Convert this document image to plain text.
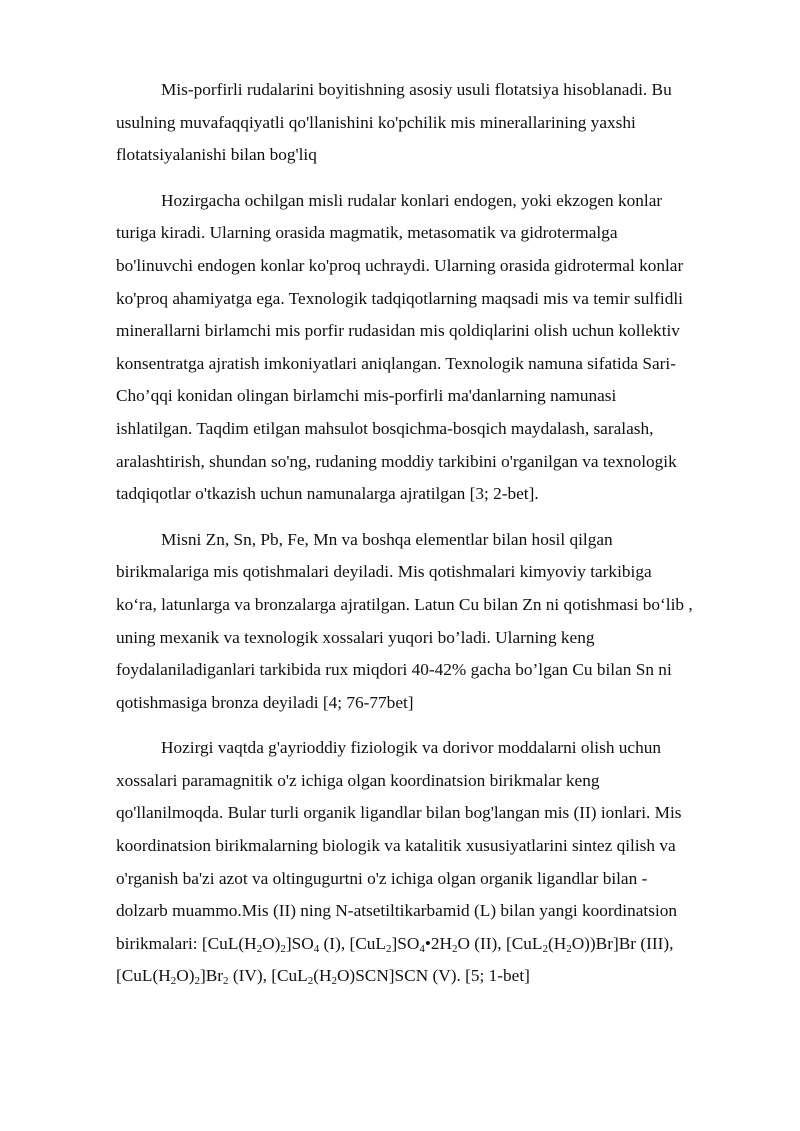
Mis-porfirli rudalarini boyitishning asosiy usuli flotatsiya hisoblanadi. Bu
usulning muvafaqqiyatli qo'llanishini ko'pchilik mis minerallarining yaxshi
flotatsiyalanishi bilan bog'liq

Hozirgacha ochilgan misli rudalar konlari endogen, yoki ekzogen konlar
turiga kiradi. Ularning orasida magmatik, metasomatik va gidrotermalga
bo'linuvchi endogen konlar ko'proq uchraydi. Ularning orasida gidrotermal konlar
ko'proq ahamiyatga ega. Texnologik tadqiqotlarning maqsadi mis va temir sulfidli
minerallarni birlamchi mis porfir rudasidan mis qoldiqlarini olish uchun kollektiv
konsentratga ajratish imkoniyatlari aniqlangan. Texnologik namuna sifatida Sari-
Cho’qqi konidan olingan birlamchi mis-porfirli ma'danlarning namunasi
ishlatilgan. Taqdim etilgan mahsulot bosqichma-bosqich maydalash, saralash,
aralashtirish, shundan so'ng, rudaning moddiy tarkibini o'rganilgan va texnologik
tadqiqotlar o'tkazish uchun namunalarga ajratilgan [3; 2-bet].

Misni Zn, Sn, Pb, Fe, Mn va boshqa elementlar bilan hosil qilgan
birikmalariga mis qotishmalari deyiladi. Mis qotishmalari kimyoviy tarkibiga
ko‘ra, latunlarga va bronzalarga ajratilgan. Latun Cu bilan Zn ni qotishmasi bo‘lib ,
uning mexanik va texnologik xossalari yuqori bo’ladi. Ularning keng
foydalaniladiganlari tarkibida rux miqdori 40-42% gacha bo’lgan Cu bilan Sn ni
qotishmasiga bronza deyiladi [4; 76-77bet]

Hozirgi vaqtda g'ayrioddiy fiziologik va dorivor moddalarni olish uchun
xossalari paramagnitik o'z ichiga olgan koordinatsion birikmalar keng
qo'llanilmoqda. Bular turli organik ligandlar bilan bog'langan mis (II) ionlari. Mis
koordinatsion birikmalarning biologik va katalitik xususiyatlarini sintez qilish va
o'rganish ba'zi azot va oltingugurtni o'z ichiga olgan organik ligandlar bilan -
dolzarb muammo.Mis (II) ning N-atsetiltikarbamid (L) bilan yangi koordinatsion
birikmalari: $[CuL(H_2O)_2]SO_4$ (I), $[CuL_2]SO_4•2H_2O$ (II), $[CuL_2(H_2O))Br]Br$ (III),
$[CuL(H_2O)_2]Br_2$ (IV), $[CuL_2(H_2O)SCN]SCN$ (V). [5; 1-bet]
